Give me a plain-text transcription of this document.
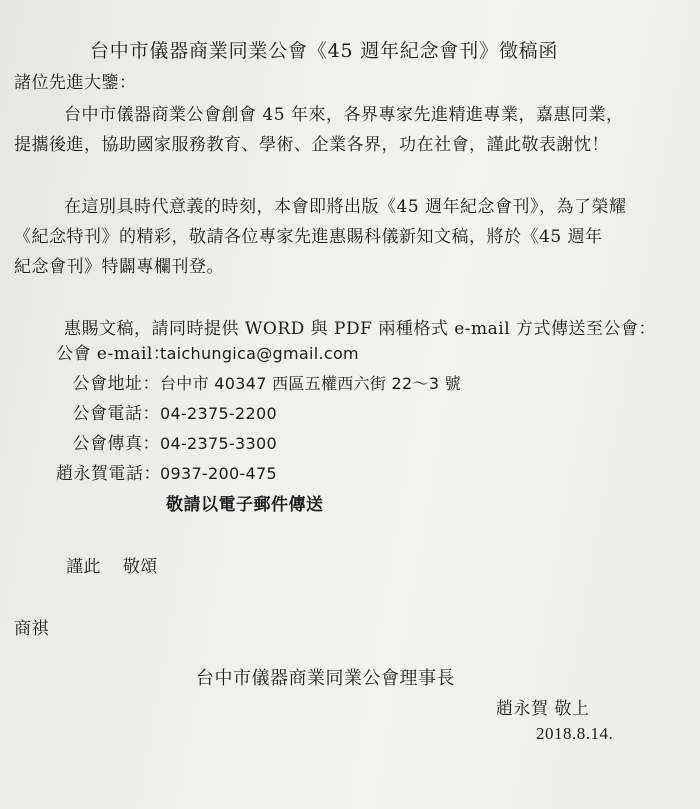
台中市儀器商業同業公會《45 週年紀念會刊》徵稿函
諸位先進大鑒：
台中市儀器商業公會創會 45 年來，各界專家先進精進專業，嘉惠同業，
提攜後進，協助國家服務教育、學術、企業各界，功在社會，謹此敬表謝忱！
在這別具時代意義的時刻，本會即將出版《45 週年紀念會刊》，為了榮耀
《紀念特刊》的精彩，敬請各位專家先進惠賜科儀新知文稿，將於《45 週年
紀念會刊》特闢專欄刊登。
惠賜文稿，請同時提供 WORD 與 PDF 兩種格式 e-mail 方式傳送至公會：
公會 e-mail：taichungica@gmail.com
公會地址：台中市 40347 西區五權西六街 22～3 號
公會電話：04-2375-2200
公會傳真：04-2375-3300
趙永賀電話：0937-200-475
敬請以電子郵件傳送
謹此 敬頌
商祺
台中市儀器商業同業公會理事長
趙永賀 敬上
2018.8.14.
